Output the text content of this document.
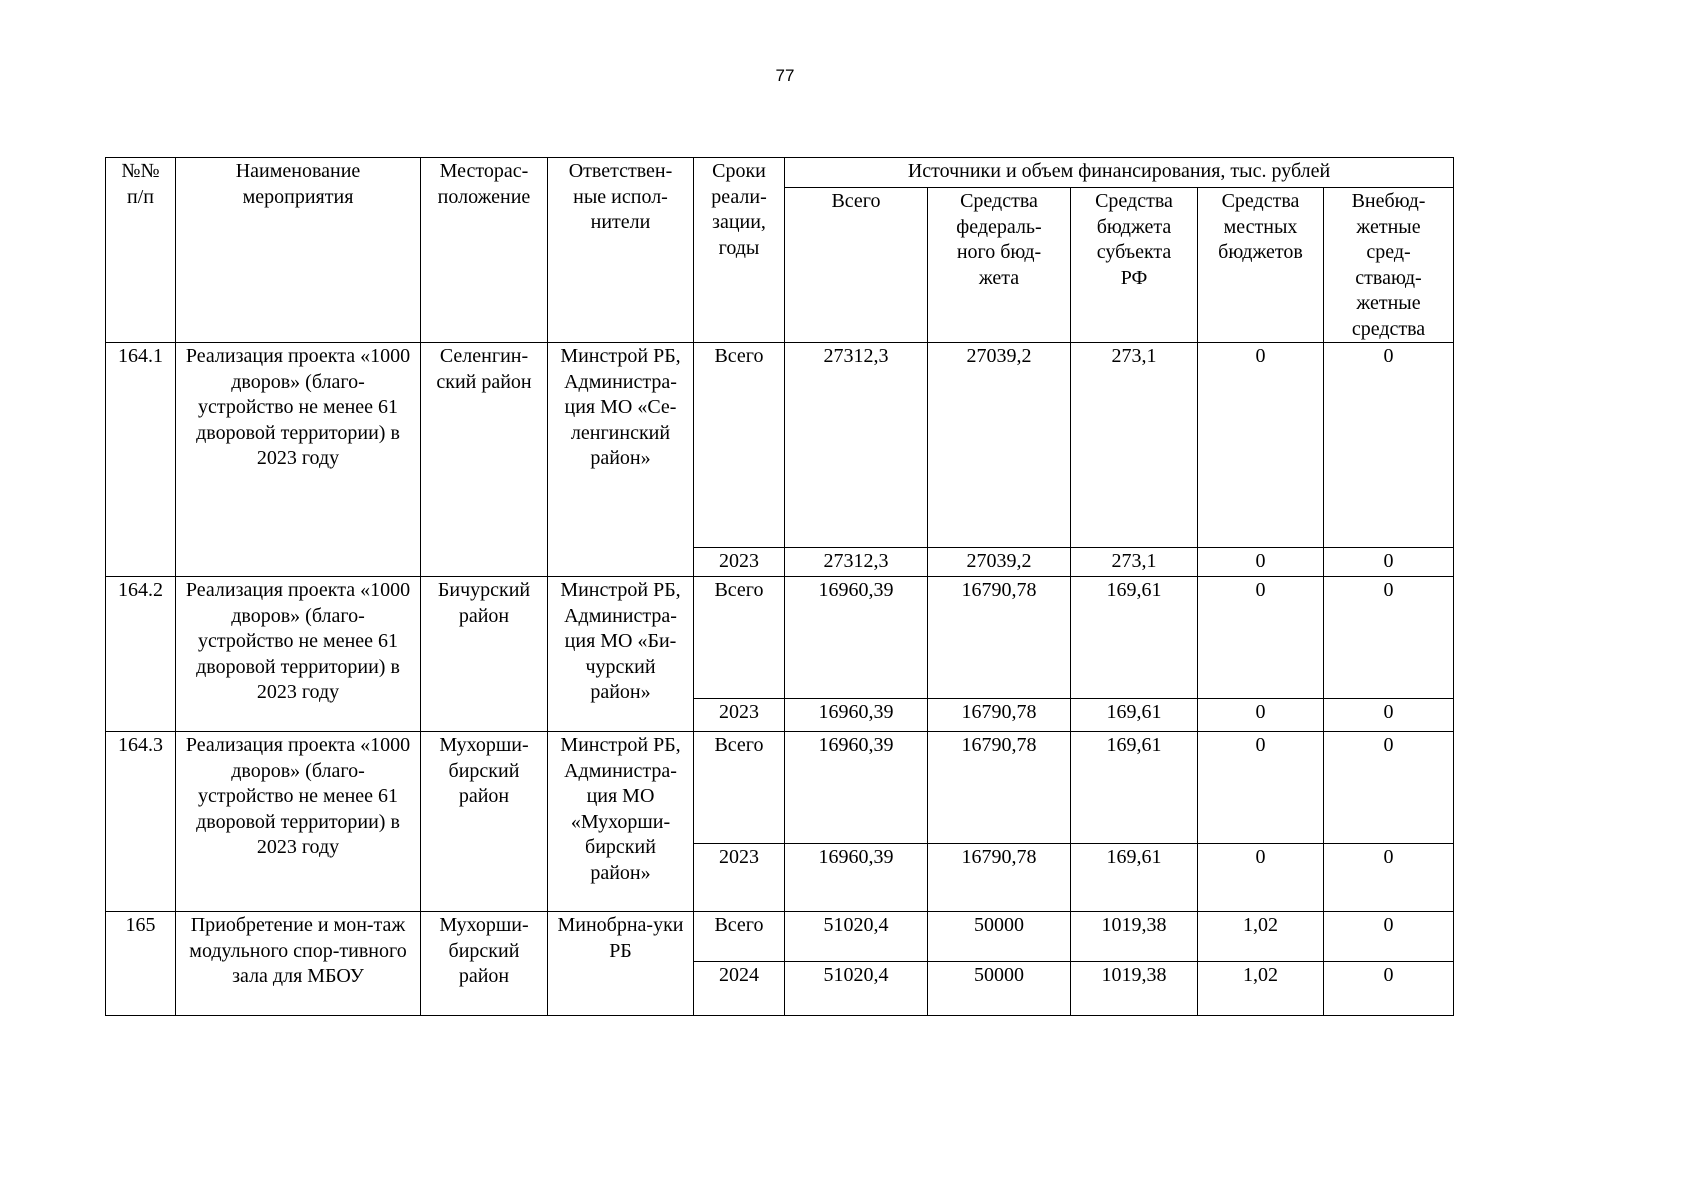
77
№№ п/п	Наименование мероприятия	Месторас-положение	Ответствен-ные испол-нители	Сроки реали-зации, годы	Источники и объем финансирования, тыс. рублей				
					Всего	Средства федераль-ного бюд-жета	Средства бюджета субъекта РФ	Средства местных бюджетов	Внебюд-жетные сред-стваюд-жетные средства

164.1	Реализация проекта «1000 дворов» (благо-устройство не менее 61 дворовой территории) в 2023 году	Селенгин-ский район	Минстрой РБ, Администра-ция МО «Се-ленгинский район»	Всего	27312,3	27039,2	273,1	0	0
				2023	27312,3	27039,2	273,1	0	0
164.2	Реализация проекта «1000 дворов» (благо-устройство не менее 61 дворовой территории) в 2023 году	Бичурский район	Минстрой РБ, Администра-ция МО «Би-чурский район»	Всего	16960,39	16790,78	169,61	0	0
				2023	16960,39	16790,78	169,61	0	0
164.3	Реализация проекта «1000 дворов» (благо-устройство не менее 61 дворовой территории) в 2023 году	Мухорши-бирский район	Минстрой РБ, Администра-ция МО «Мухорши-бирский район»	Всего	16960,39	16790,78	169,61	0	0
				2023	16960,39	16790,78	169,61	0	0
165	Приобретение и мон-таж модульного спор-тивного зала для МБОУ	Мухорши-бирский район	Минобрна-уки РБ	Всего	51020,4	50000	1019,38	1,02	0
				2024	51020,4	50000	1019,38	1,02	0
